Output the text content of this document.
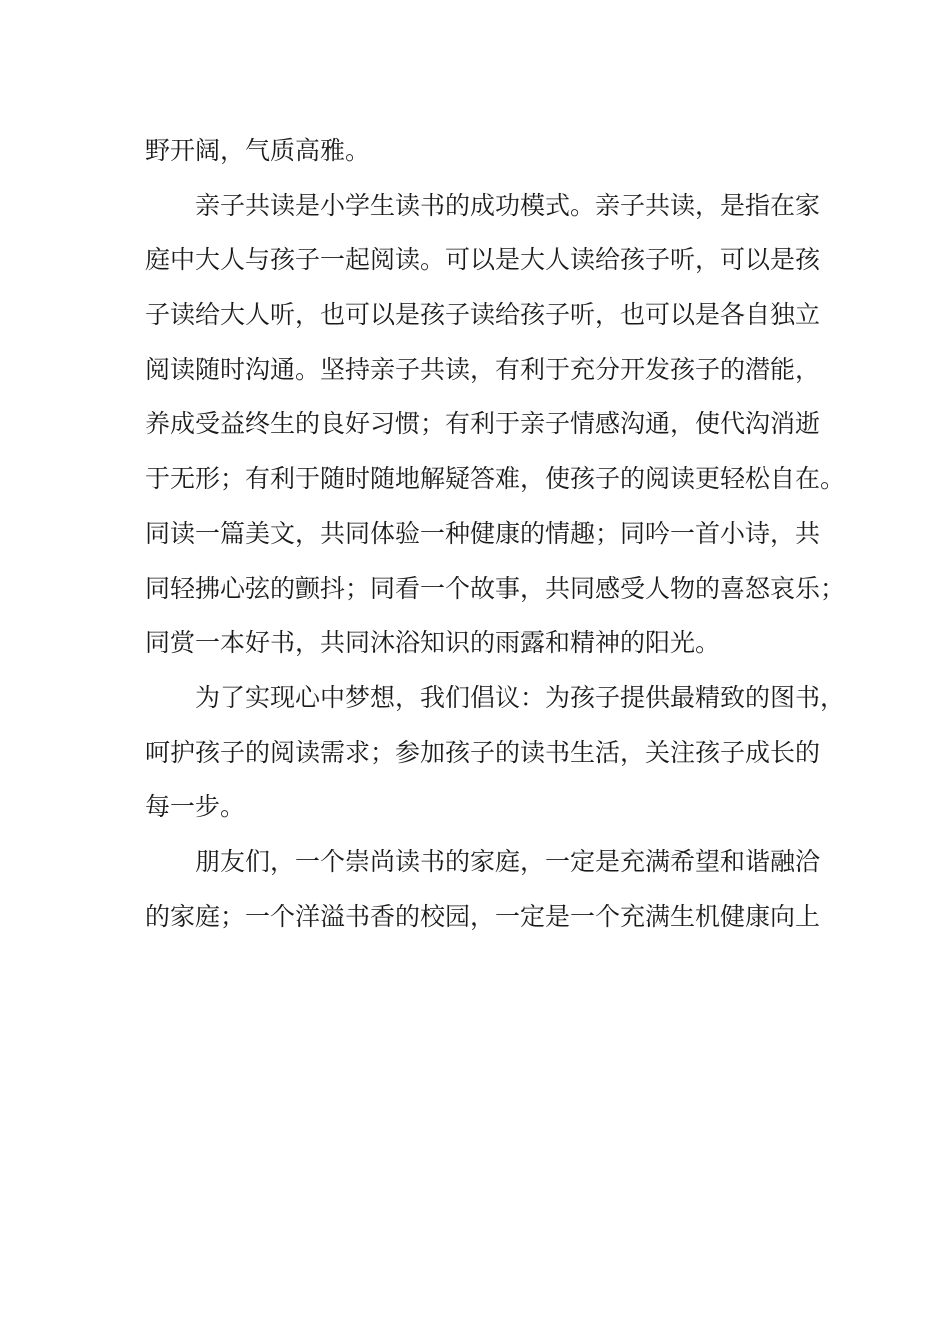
野开阔，气质高雅。
亲子共读是小学生读书的成功模式。亲子共读，是指在家
庭中大人与孩子一起阅读。可以是大人读给孩子听，可以是孩
子读给大人听，也可以是孩子读给孩子听，也可以是各自独立
阅读随时沟通。坚持亲子共读，有利于充分开发孩子的潜能，
养成受益终生的良好习惯；有利于亲子情感沟通，使代沟消逝
于无形；有利于随时随地解疑答难，使孩子的阅读更轻松自在。
同读一篇美文，共同体验一种健康的情趣；同吟一首小诗，共
同轻拂心弦的颤抖；同看一个故事，共同感受人物的喜怒哀乐；
同赏一本好书，共同沐浴知识的雨露和精神的阳光。
为了实现心中梦想，我们倡议：为孩子提供最精致的图书，
呵护孩子的阅读需求；参加孩子的读书生活，关注孩子成长的
每一步。
朋友们，一个崇尚读书的家庭，一定是充满希望和谐融洽
的家庭；一个洋溢书香的校园，一定是一个充满生机健康向上
